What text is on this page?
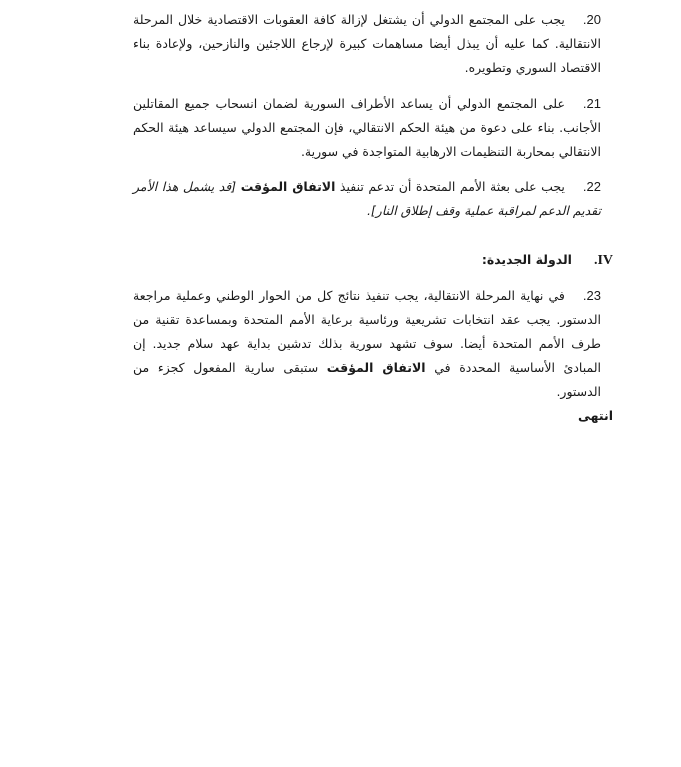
20.يجب على المجتمع الدولي أن يشتغل لإزالة كافة العقوبات الاقتصادية خلال المرحلة الانتقالية. كما عليه أن يبذل أيضا مساهمات كبيرة لإرجاع اللاجئين والنازحين، ولإعادة بناء الاقتصاد السوري وتطويره.

21.على المجتمع الدولي أن يساعد الأطراف السورية لضمان انسحاب جميع المقاتلين الأجانب. بناء على دعوة من هيئة الحكم الانتقالي، فإن المجتمع الدولي سيساعد هيئة الحكم الانتقالي بمحاربة التنظيمات الارهابية المتواجدة في سورية.

22.يجب على بعثة الأمم المتحدة أن تدعم تنفيذ الاتفاق المؤقت [قد يشمل هذا الأمر تقديم الدعم لمراقبة عملية وقف إطلاق النار].

IV.الدولة الجديدة:

23.في نهاية المرحلة الانتقالية، يجب تنفيذ نتائج كل من الحوار الوطني وعملية مراجعة الدستور. يجب عقد انتخابات تشريعية ورئاسية برعاية الأمم المتحدة وبمساعدة تقنية من طرف الأمم المتحدة أيضا. سوف تشهد سورية بذلك تدشين بداية عهد سلام جديد. إن المبادئ الأساسية المحددة في الاتفاق المؤقت ستبقى سارية المفعول كجزء من الدستور.

انتهى
